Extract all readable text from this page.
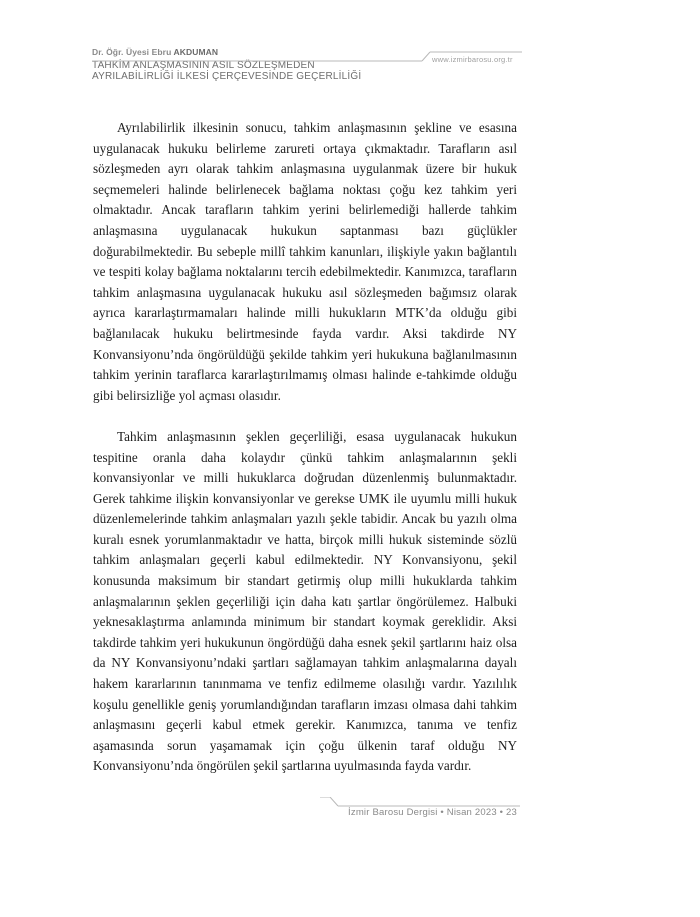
Dr. Öğr. Üyesi Ebru AKDUMAN
TAHKİM ANLAŞMASININ ASIL SÖZLEŞMEDEN
AYRILABİLİRLİĞİ İLKESİ ÇERÇEVESİNDE GEÇERLİLİĞİ
www.izmirbarosu.org.tr

Ayrılabilirlik ilkesinin sonucu, tahkim anlaşmasının şekline ve esasına uygulanacak hukuku belirleme zarureti ortaya çıkmaktadır. Tarafların asıl sözleşmeden ayrı olarak tahkim anlaşmasına uygulanmak üzere bir hukuk seçmemeleri halinde belirlenecek bağlama noktası çoğu kez tahkim yeri olmaktadır. Ancak tarafların tahkim yerini belirlemediği hallerde tahkim anlaşmasına uygulanacak hukukun saptanması bazı güçlükler doğurabilmektedir. Bu sebeple millî tahkim kanunları, ilişkiyle yakın bağlantılı ve tespiti kolay bağlama noktalarını tercih edebilmektedir. Kanımızca, tarafların tahkim anlaşmasına uygulanacak hukuku asıl sözleşmeden bağımsız olarak ayrıca kararlaştırmamaları halinde milli hukukların MTK’da olduğu gibi bağlanılacak hukuku belirtmesinde fayda vardır. Aksi takdirde NY Konvansiyonu’nda öngörüldüğü şekilde tahkim yeri hukukuna bağlanılmasının tahkim yerinin taraflarca kararlaştırılmamış olması halinde e-tahkimde olduğu gibi belirsizliğe yol açması olasıdır.

Tahkim anlaşmasının şeklen geçerliliği, esasa uygulanacak hukukun tespitine oranla daha kolaydır çünkü tahkim anlaşmalarının şekli konvansiyonlar ve milli hukuklarca doğrudan düzenlenmiş bulunmaktadır. Gerek tahkime ilişkin konvansiyonlar ve gerekse UMK ile uyumlu milli hukuk düzenlemelerinde tahkim anlaşmaları yazılı şekle tabidir. Ancak bu yazılı olma kuralı esnek yorumlanmaktadır ve hatta, birçok milli hukuk sisteminde sözlü tahkim anlaşmaları geçerli kabul edilmektedir. NY Konvansiyonu, şekil konusunda maksimum bir standart getirmiş olup milli hukuklarda tahkim anlaşmalarının şeklen geçerliliği için daha katı şartlar öngörülemez. Halbuki yeknesaklaştırma anlamında minimum bir standart koymak gereklidir. Aksi takdirde tahkim yeri hukukunun öngördüğü daha esnek şekil şartlarını haiz olsa da NY Konvansiyonu’ndaki şartları sağlamayan tahkim anlaşmalarına dayalı hakem kararlarının tanınmama ve tenfiz edilmeme olasılığı vardır. Yazılılık koşulu genellikle geniş yorumlandığından tarafların imzası olmasa dahi tahkim anlaşmasını geçerli kabul etmek gerekir. Kanımızca, tanıma ve tenfiz aşamasında sorun yaşamamak için çoğu ülkenin taraf olduğu NY Konvansiyonu’nda öngörülen şekil şartlarına uyulmasında fayda vardır.

İzmir Barosu Dergisi • Nisan 2023 • 23
